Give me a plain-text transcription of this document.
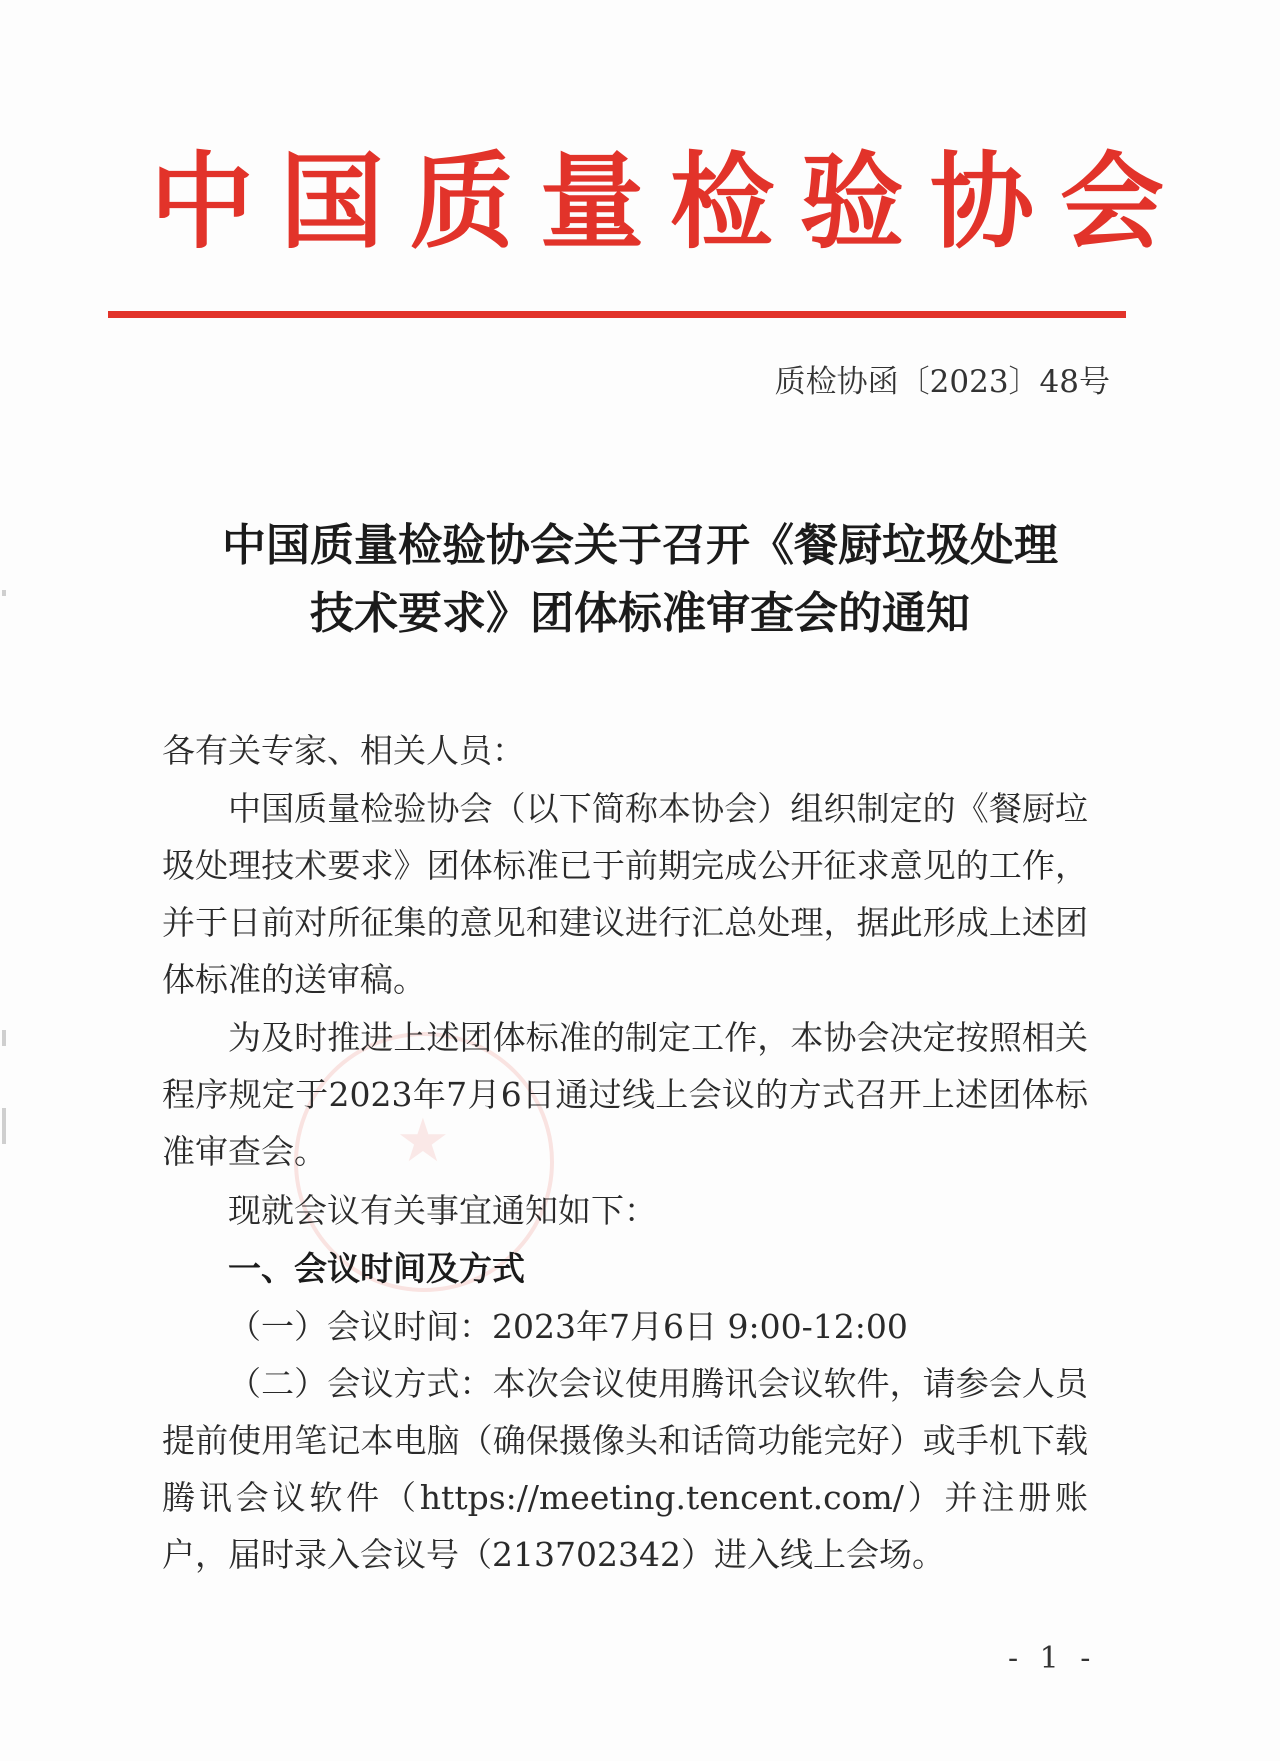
中国质量检验协会
质检协函〔2023〕48号
中国质量检验协会关于召开《餐厨垃圾处理
技术要求》团体标准审查会的通知
★
各有关专家、相关人员：
中国质量检验协会（以下简称本协会）组织制定的《餐厨垃圾处理技术要求》团体标准已于前期完成公开征求意见的工作，并于日前对所征集的意见和建议进行汇总处理，据此形成上述团体标准的送审稿。
为及时推进上述团体标准的制定工作，本协会决定按照相关程序规定于2023年7月6日通过线上会议的方式召开上述团体标准审查会。
现就会议有关事宜通知如下：
一、会议时间及方式
（一）会议时间：2023年7月6日 9:00-12:00
（二）会议方式：本次会议使用腾讯会议软件，请参会人员提前使用笔记本电脑（确保摄像头和话筒功能完好）或手机下载腾讯会议软件（https://meeting.tencent.com/）并注册账户，届时录入会议号（213702342）进入线上会场。
- 1 -
